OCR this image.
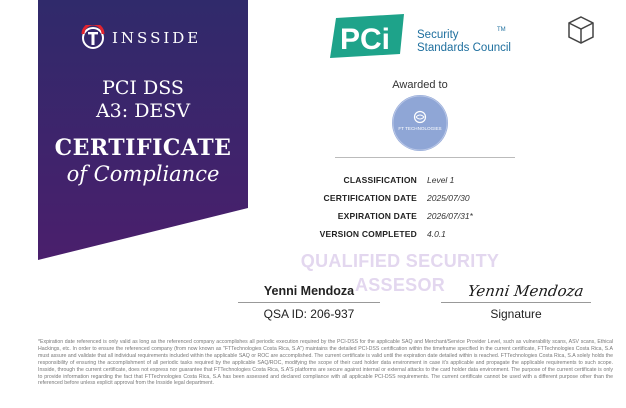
INSSIDE
PCI DSS
A3: DESV
CERTIFICATE
of Compliance
PCi Security
Standards Council
TM
Awarded to
FT TECHNOLOGIES
CLASSIFICATION Level 1
CERTIFICATION DATE 2025/07/30
EXPIRATION DATE 2026/07/31*
VERSION COMPLETED 4.0.1
QUALIFIED SECURITY
ASSESOR
Yenni Mendoza
QSA ID: 206-937
Yenni Mendoza
Signature
*Expiration date referenced is only valid as long as the referenced company accomplishes all periodic execution required by the PCI-DSS for the applicable SAQ and Merchant/Service Provider Level, such as vulnerability scans, ASV scans, Ethical Hackings, etc. In order to ensure the referenced company (from now known as "FTTechnologies Costa Rica, S.A") maintains the detailed PCI-DSS certification within the timeframe specified in the current certificate, FTTechnologies Costa Rica, S.A must assure and validate that all individual requirements included within the applicable SAQ or ROC are accomplished. The current certificate is valid until the expiration date detailed within is reached. FTTechnologies Costa Rica, S.A solely holds the responsibility of ensuring the accomplishment of all periodic tasks required by the applicable SAQ/ROC, modifying the scope of their card holder data environment in case it's applicable and propagate the applicable requirements to such scope. Insside, through the current certificate, does not express nor guarantee that FTTechnologies Costa Rica, S.A'S platforms are secure against internal or external attacks to the card holder data environment. The purpose of the current certificate is only to provide information regarding the fact that FTTechnologies Costa Rica, S.A has been assessed and declared compliance with all applicable PCI-DSS requirements. The current certificate cannot be used with a different purpose other than the referenced before unless explicit approval from the Insside legal department.
